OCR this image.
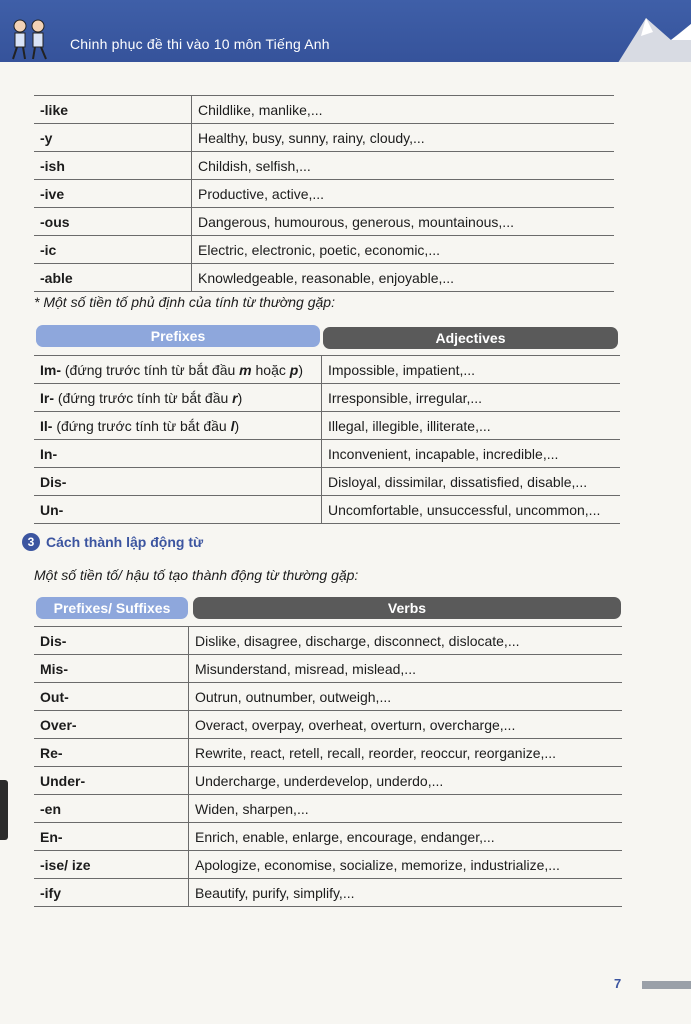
Chinh phục đề thi vào 10 môn Tiếng Anh
-like	Childlike, manlike,...
-y	Healthy, busy, sunny, rainy, cloudy,...
-ish	Childish, selfish,...
-ive	Productive, active,...
-ous	Dangerous, humourous, generous, mountainous,...
-ic	Electric, electronic, poetic, economic,...
-able	Knowledgeable, reasonable, enjoyable,...
* Một số tiền tố phủ định của tính từ thường gặp:
Prefixes	Adjectives
Im- (đứng trước tính từ bắt đầu m hoặc p)	Impossible, impatient,...
Ir- (đứng trước tính từ bắt đầu r)	Irresponsible, irregular,...
Il- (đứng trước tính từ bắt đầu l)	Illegal, illegible, illiterate,...
In-	Inconvenient, incapable, incredible,...
Dis-	Disloyal, dissimilar, dissatisfied, disable,...
Un-	Uncomfortable, unsuccessful, uncommon,...
3 Cách thành lập động từ
Một số tiền tố/ hậu tố tạo thành động từ thường gặp:
Prefixes/ Suffixes	Verbs
Dis-	Dislike, disagree, discharge, disconnect, dislocate,...
Mis-	Misunderstand, misread, mislead,...
Out-	Outrun, outnumber, outweigh,...
Over-	Overact, overpay, overheat, overturn, overcharge,...
Re-	Rewrite, react, retell, recall, reorder, reoccur, reorganize,...
Under-	Undercharge, underdevelop, underdo,...
-en	Widen, sharpen,...
En-	Enrich, enable, enlarge, encourage, endanger,...
-ise/ ize	Apologize, economise, socialize, memorize, industrialize,...
-ify	Beautify, purify, simplify,...
7
